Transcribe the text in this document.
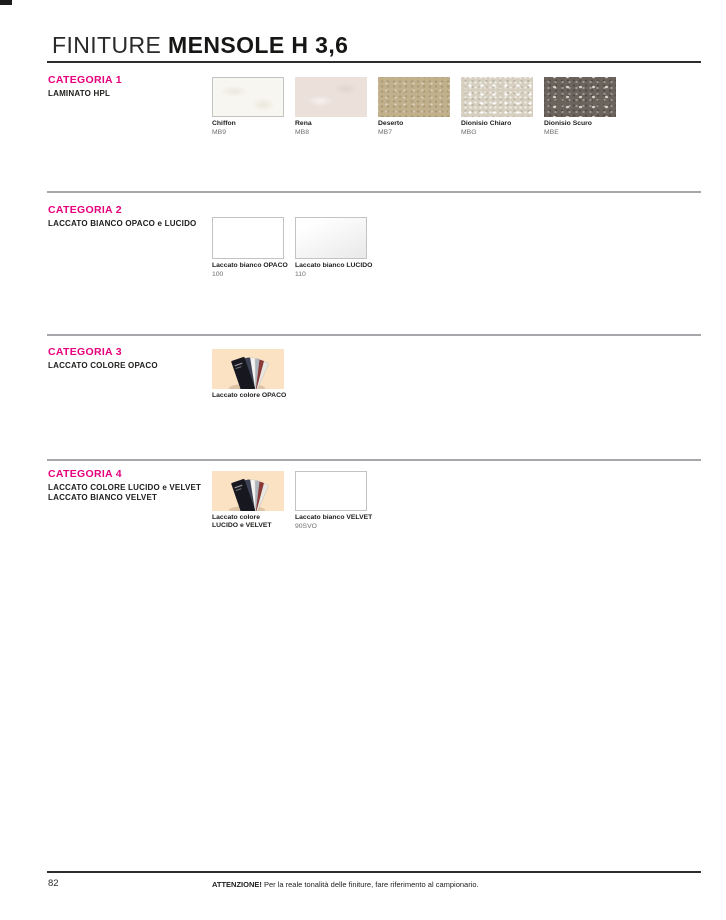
FINITURE MENSOLE H 3,6
CATEGORIA 1
LAMINATO HPL
Chiffon
MB9
Rena
MB8
Deserto
MB7
Dionisio Chiaro
MBG
Dionisio Scuro
MBE
CATEGORIA 2
LACCATO BIANCO OPACO e LUCIDO
Laccato bianco OPACO
100
Laccato bianco LUCIDO
110
CATEGORIA 3
LACCATO COLORE OPACO
Laccato colore OPACO
CATEGORIA 4
LACCATO COLORE LUCIDO e VELVET
LACCATO BIANCO VELVET
Laccato colore LUCIDO e VELVET
Laccato bianco VELVET
90SVO
82	ATTENZIONE! Per la reale tonalità delle finiture, fare riferimento al campionario.
